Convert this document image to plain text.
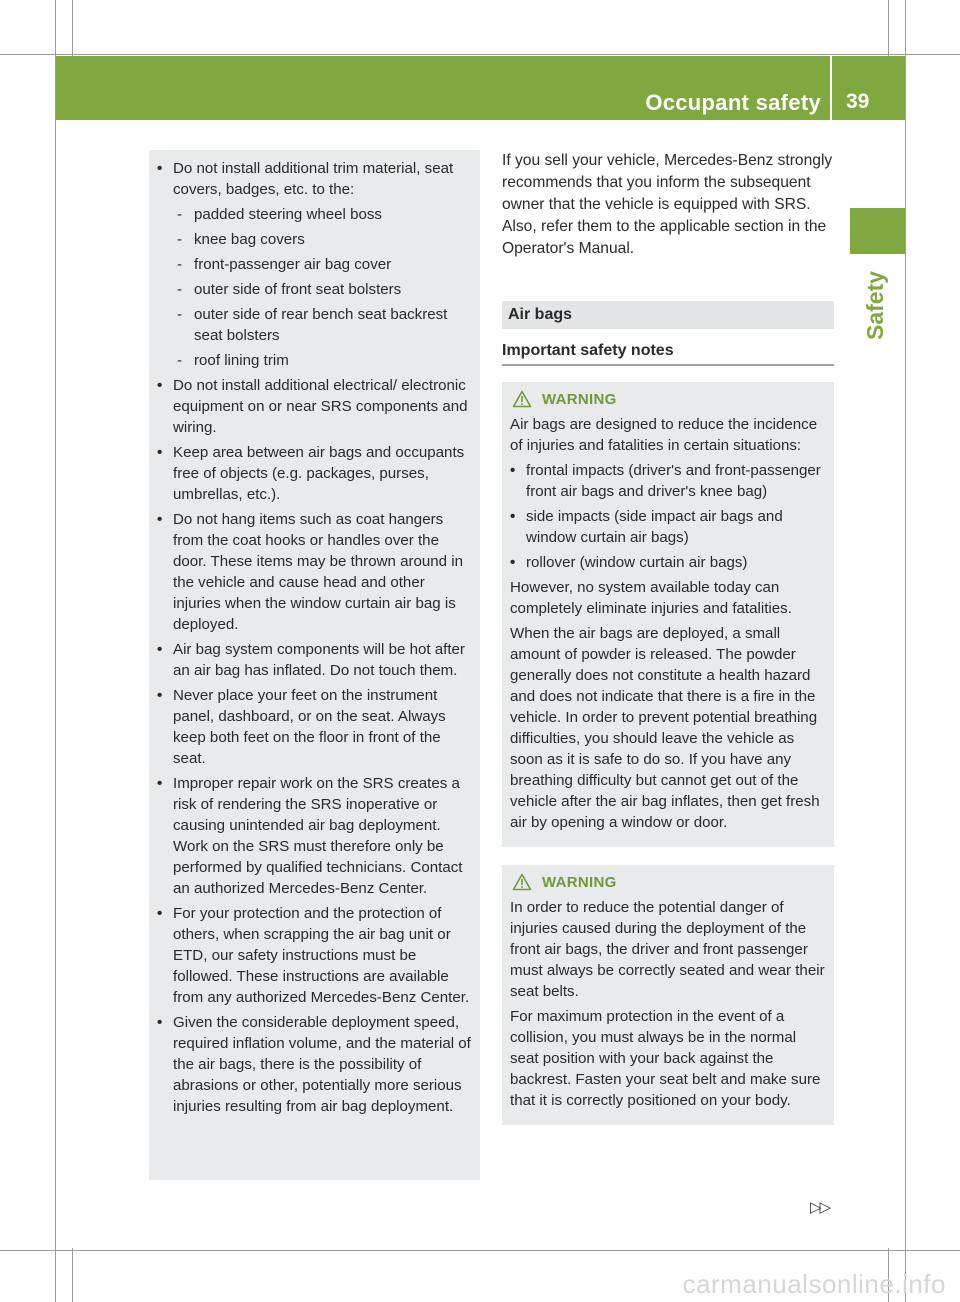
Occupant safety 39
Safety
• Do not install additional trim material, seat covers, badges, etc. to the:
- padded steering wheel boss
- knee bag covers
- front-passenger air bag cover
- outer side of front seat bolsters
- outer side of rear bench seat backrest seat bolsters
- roof lining trim
• Do not install additional electrical/ electronic equipment on or near SRS components and wiring.
• Keep area between air bags and occupants free of objects (e.g. packages, purses, umbrellas, etc.).
• Do not hang items such as coat hangers from the coat hooks or handles over the door. These items may be thrown around in the vehicle and cause head and other injuries when the window curtain air bag is deployed.
• Air bag system components will be hot after an air bag has inflated. Do not touch them.
• Never place your feet on the instrument panel, dashboard, or on the seat. Always keep both feet on the floor in front of the seat.
• Improper repair work on the SRS creates a risk of rendering the SRS inoperative or causing unintended air bag deployment. Work on the SRS must therefore only be performed by qualified technicians. Contact an authorized Mercedes-Benz Center.
• For your protection and the protection of others, when scrapping the air bag unit or ETD, our safety instructions must be followed. These instructions are available from any authorized Mercedes-Benz Center.
• Given the considerable deployment speed, required inflation volume, and the material of the air bags, there is the possibility of abrasions or other, potentially more serious injuries resulting from air bag deployment.

If you sell your vehicle, Mercedes-Benz strongly recommends that you inform the subsequent owner that the vehicle is equipped with SRS. Also, refer them to the applicable section in the Operator's Manual.

Air bags
Important safety notes
WARNING

Air bags are designed to reduce the incidence of injuries and fatalities in certain situations:

• frontal impacts (driver's and front-passenger front air bags and driver's knee bag)
• side impacts (side impact air bags and window curtain air bags)
• rollover (window curtain air bags)

However, no system available today can completely eliminate injuries and fatalities.

When the air bags are deployed, a small amount of powder is released. The powder generally does not constitute a health hazard and does not indicate that there is a fire in the vehicle. In order to prevent potential breathing difficulties, you should leave the vehicle as soon as it is safe to do so. If you have any breathing difficulty but cannot get out of the vehicle after the air bag inflates, then get fresh air by opening a window or door.

WARNING

In order to reduce the potential danger of injuries caused during the deployment of the front air bags, the driver and front passenger must always be correctly seated and wear their seat belts.

For maximum protection in the event of a collision, you must always be in the normal seat position with your back against the backrest. Fasten your seat belt and make sure that it is correctly positioned on your body.

▷▷
carmanualsonline.info
